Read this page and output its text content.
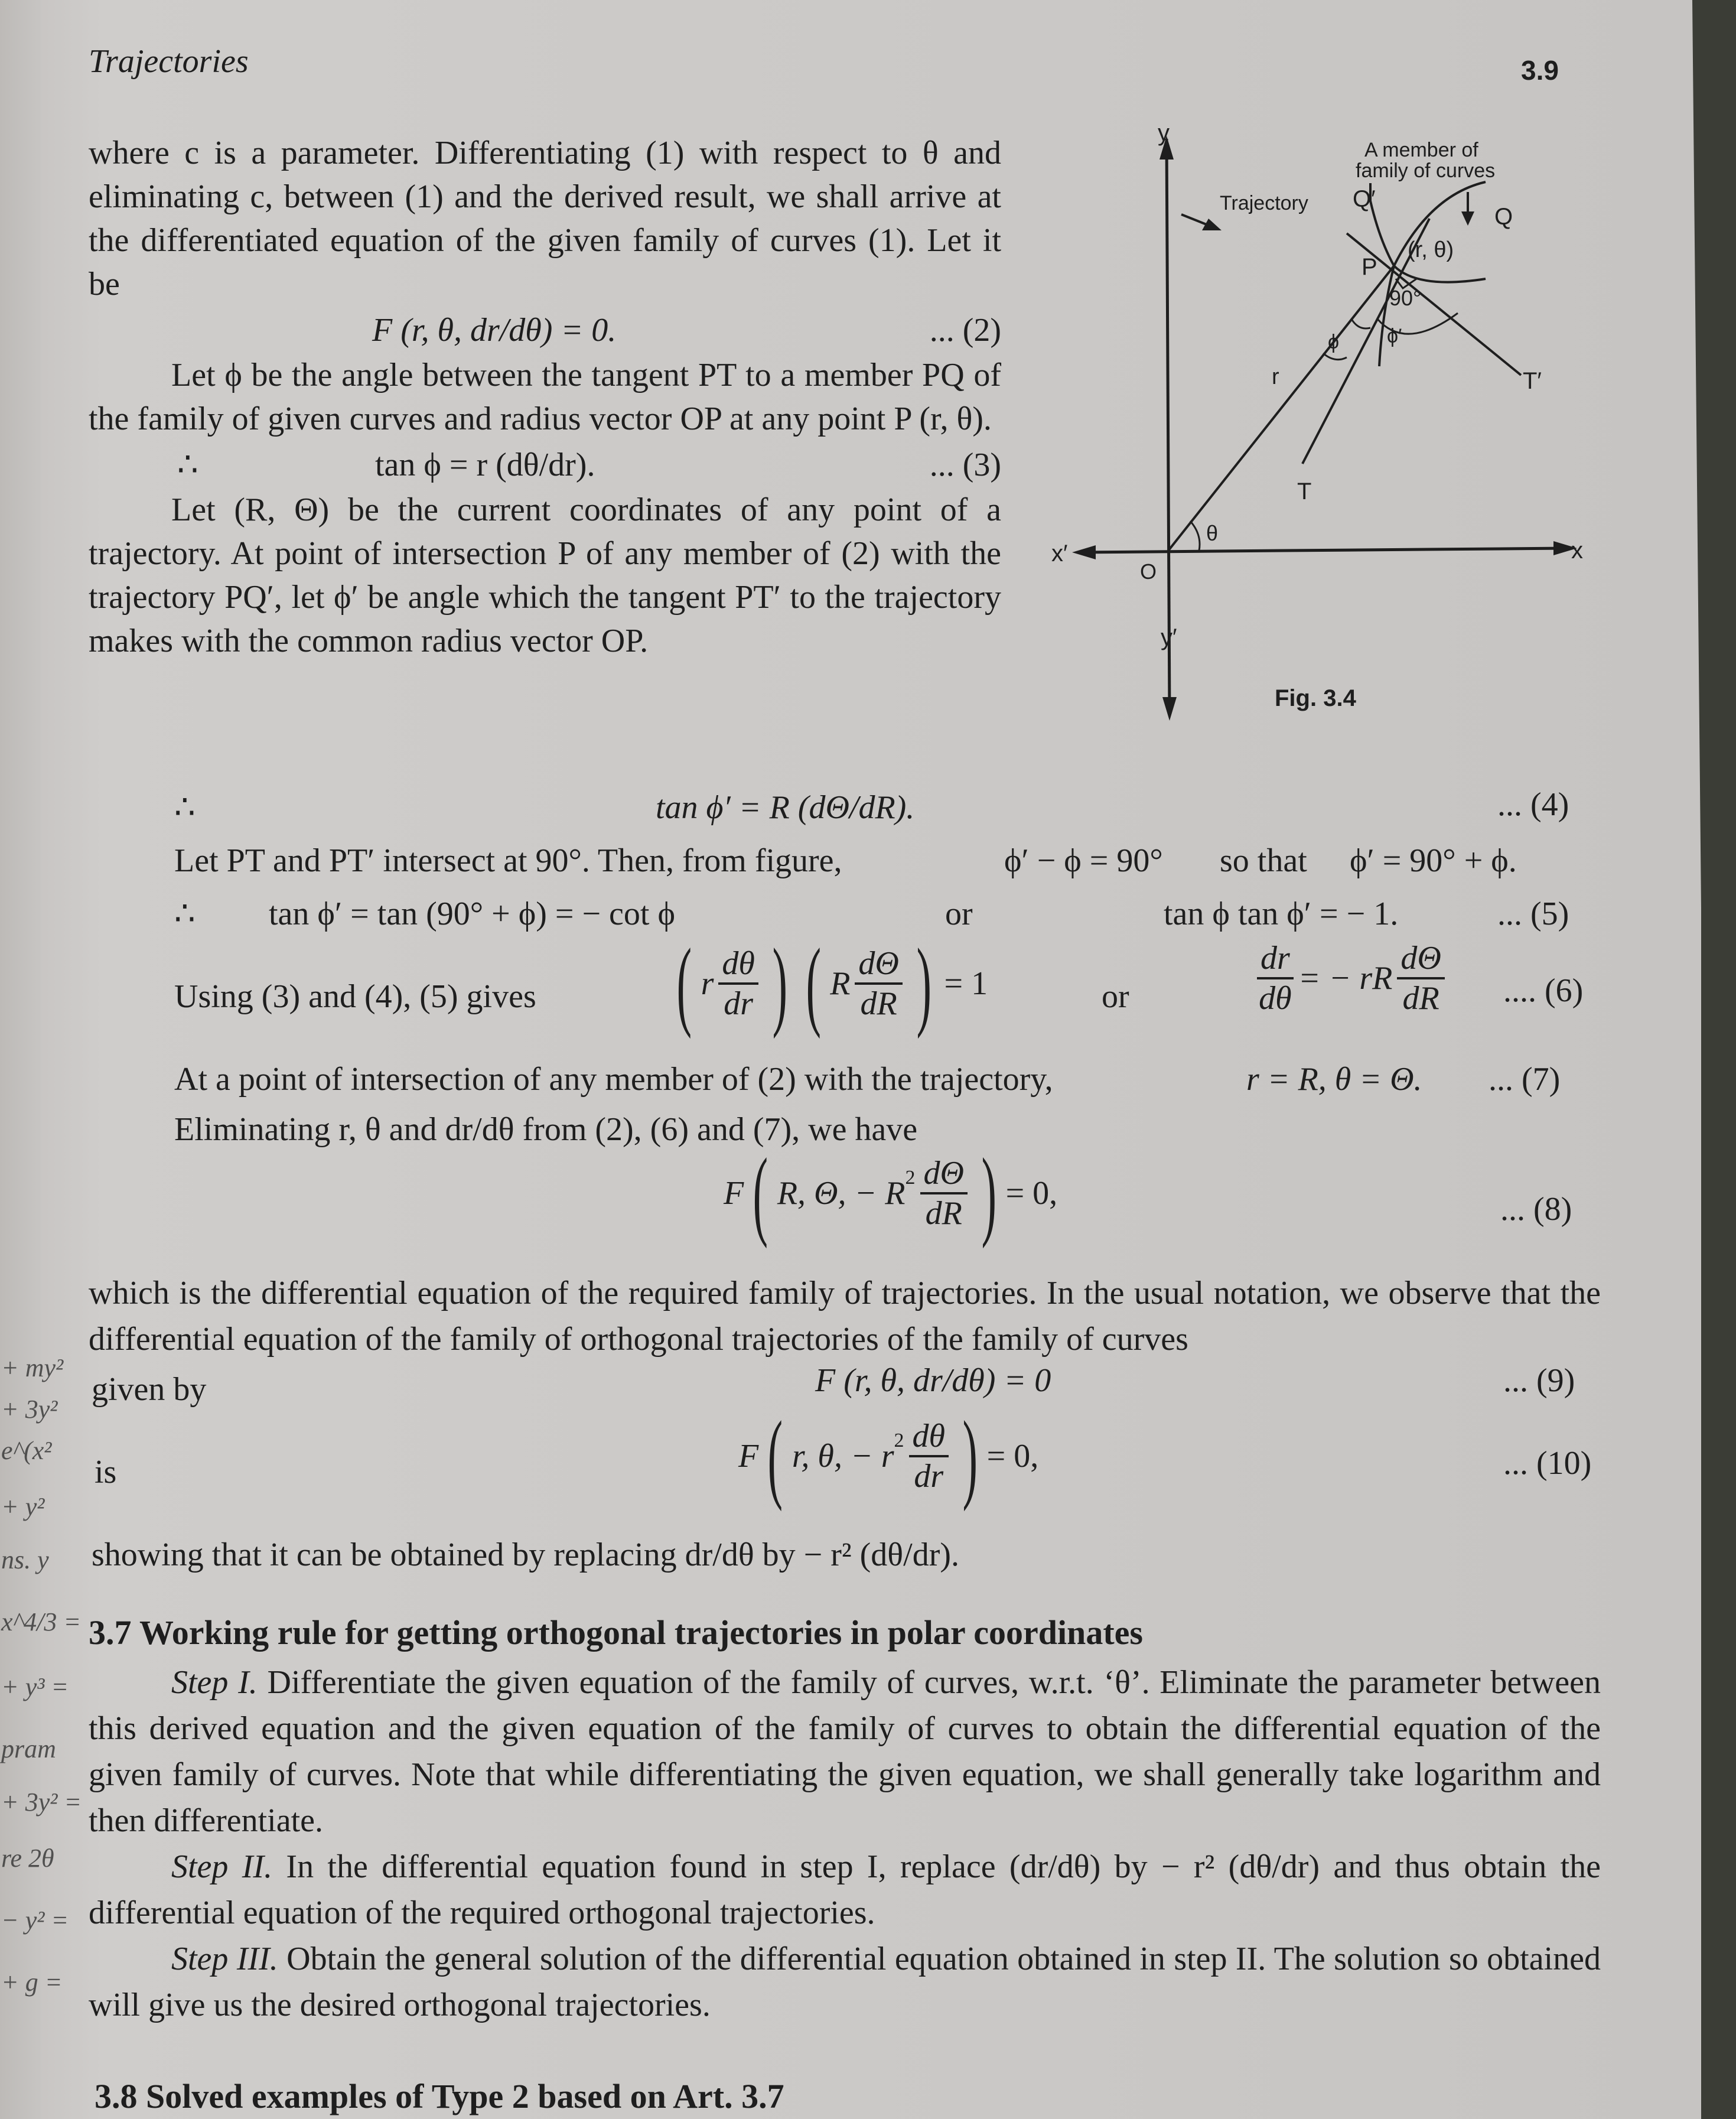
+ my²
+ 3y²
e^(x²
+ y²
ns. y
x^4/3 =
+ y³ =
pram
+ 3y² =
re 2θ
− y² =
+ g =
Trajectories	3.9

where c is a parameter. Differentiating (1) with respect to θ and eliminating c, between (1) and the derived result, we shall arrive at the differentiated equation of the given family of curves (1). Let it be

F (r, θ, dr/dθ) = 0.	... (2)

Let ϕ be the angle between the tangent PT to a member PQ of the family of given curves and radius vector OP at any point P (r, θ).

∴	tan ϕ = r (dθ/dr).	... (3)

Let (R, Θ) be the current coordinates of any point of a trajectory. At point of intersection P of any member of (2) with the trajectory PQ′, let ϕ′ be angle which the tangent PT′ to the trajectory makes with the common radius vector OP.

y
y′
x
x′
O
A member of
family of curves
Trajectory Q′
Q
P
(r, θ)
90°
ϕ ϕ′
r
T
T′
θ
Fig. 3.4
∴	tan ϕ′ = R (dΘ/dR).	... (4)
Let PT and PT′ intersect at 90°. Then, from figure,	ϕ′ − ϕ = 90° so that ϕ′ = 90° + ϕ.
∴ tan ϕ′ = tan (90° + ϕ) = − cot ϕ	or	tan ϕ tan ϕ′ = − 1.	... (5)
Using (3) and (4), (5) gives ( r $\frac{d\theta}{dr}$ ) ( R $\frac{d\Theta}{dR}$ ) = 1	or	$\frac{dr}{d\theta}$ = − rR $\frac{d\Theta}{dR}$ .... (6)
At a point of intersection of any member of (2) with the trajectory,	r = R, θ = Θ. ... (7)
Eliminating r, θ and dr/dθ from (2), (6) and (7), we have
F ( R, Θ, − $R^2 \frac{d\Theta}{dR}$ ) = 0,	... (8)

which is the differential equation of the required family of trajectories. In the usual notation, we observe that the differential equation of the family of orthogonal trajectories of the family of curves

given by	F (r, θ, dr/dθ) = 0	... (9)
is	F ( r, θ, − $r^2 \frac{d\theta}{dr}$ ) = 0,	... (10)
showing that it can be obtained by replacing dr/dθ by − r² (dθ/dr).

3.7 Working rule for getting orthogonal trajectories in polar coordinates

Step I. Differentiate the given equation of the family of curves, w.r.t. ‘θ’. Eliminate the parameter between this derived equation and the given equation of the family of curves to obtain the differential equation of the given family of curves. Note that while differentiating the given equation, we shall generally take logarithm and then differentiate.

Step II. In the differential equation found in step I, replace (dr/dθ) by − r² (dθ/dr) and thus obtain the differential equation of the required orthogonal trajectories.

Step III. Obtain the general solution of the differential equation obtained in step II. The solution so obtained will give us the desired orthogonal trajectories.

3.8 Solved examples of Type 2 based on Art. 3.7
